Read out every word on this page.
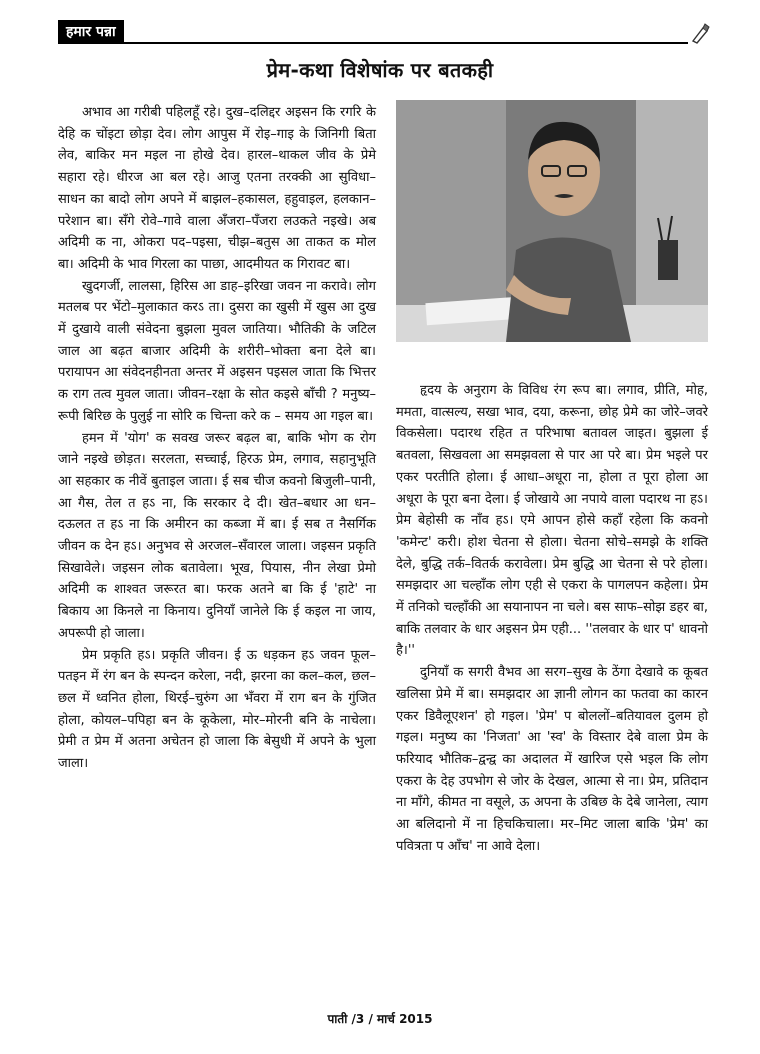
हमार पन्ना
प्रेम-कथा विशेषांक पर बतकही

अभाव आ गरीबी पहिलहूँ रहे। दुख–दलिद्दर अइसन कि रगरि के देहि क चोंइटा छोड़ा देव। लोग आपुस में रोइ–गाइ के जिनिगी बिता लेव, बाकिर मन मइल ना होखे देव। हारल–थाकल जीव के प्रेमे सहारा रहे। धीरज आ बल रहे। आजु एतना तरक्की आ सुविधा–साधन का बादो लोग अपने में बाझल–हकासल, हहुवाइल, हलकान–परेशान बा। सँगे रोवे–गावे वाला अँजरा–पँजरा लउकते नइखे। अब अदिमी क ना, ओकरा पद–पइसा, चीझ–बतुस आ ताकत क मोल बा। अदिमी के भाव गिरला का पाछा, आदमीयत क गिरावट बा।

खुदगर्जी, लालसा, हिरिस आ डाह–इरिखा जवन ना करावे। लोग मतलब पर भेंटो–मुलाकात करऽ ता। दुसरा का खुसी में खुस आ दुख में दुखाये वाली संवेदना बुझला मुवल जातिया। भौतिकी के जटिल जाल आ बढ़त बाजार अदिमी के शरीरी–भोक्ता बना देले बा। परायापन आ संवेदनहीनता अन्तर में अइसन पइसल जाता कि भित्तर क राग तत्व मुवल जाता। जीवन–रक्षा के सोत कइसे बाँची ? मनुष्य–रूपी बिरिछ के पुलुई ना सोरि क चिन्ता करे क – समय आ गइल बा।

हमन में 'योग' क सवख जरूर बढ़ल बा, बाकि भोग क रोग जाने नइखे छोड़त। सरलता, सच्चाई, हिरऊ प्रेम, लगाव, सहानुभूति आ सहकार क नीवें बुताइल जाता। ई सब चीज कवनो बिजुली–पानी, आ गैस, तेल त हऽ ना, कि सरकार दे दी। खेत–बधार आ धन–दऊलत त हऽ ना कि अमीरन का कब्जा में बा। ई सब त नैसर्गिक जीवन क देन हऽ। अनुभव से अरजल–सँवारल जाला। जइसन प्रकृति सिखावेले। जइसन लोक बतावेला। भूख, पियास, नीन लेखा प्रेमो अदिमी क शाश्वत जरूरत बा। फरक अतने बा कि ई 'हाटे' ना बिकाय आ किनले ना किनाय। दुनियाँ जानेले कि ई कइल ना जाय, अपरूपी हो जाला।

प्रेम प्रकृति हऽ। प्रकृति जीवन। ई ऊ धड़कन हऽ जवन फूल–पतइन में रंग बन के स्पन्दन करेला, नदी, झरना का कल–कल, छल–छल में ध्वनित होला, थिरई–चुरुंग आ भँवरा में राग बन के गुंजित होला, कोयल–पपिहा बन के कूकेला, मोर–मोरनी बनि के नाचेला। प्रेमी त प्रेम में अतना अचेतन हो जाला कि बेसुधी में अपने के भुला जाला।

हृदय के अनुराग के विविध रंग रूप बा। लगाव, प्रीति, मोह, ममता, वात्सल्य, सखा भाव, दया, करूना, छोह प्रेमे का जोरे–जवरे विकसेला। पदारथ रहित त परिभाषा बतावल जाइत। बुझला ई बतवला, सिखवला आ समझवला से पार आ परे बा। प्रेम भइले पर एकर परतीति होला। ई आधा–अधूरा ना, होला त पूरा होला आ अधूरा के पूरा बना देला। ई जोखाये आ नपाये वाला पदारथ ना हऽ। प्रेम बेहोसी क नाँव हऽ। एमे आपन होसे कहाँ रहेला कि कवनो 'कमेन्ट' करी। होश चेतना से होला। चेतना सोचे–समझे के शक्ति देले, बुद्धि तर्क–वितर्क करावेला। प्रेम बुद्धि आ चेतना से परे होला। समझदार आ चल्हाँक लोग एही से एकरा के पागलपन कहेला। प्रेम में तनिको चल्हाँकी आ सयानापन ना चले। बस साफ–सोझ डहर बा, बाकि तलवार के धार अइसन प्रेम एही... ''तलवार के धार प' धावनो है।''

दुनियाँ क सगरी वैभव आ सरग–सुख के ठेंगा देखावे क कूबत खलिसा प्रेमे में बा। समझदार आ ज्ञानी लोगन का फतवा का कारन एकर डिवैलूएशन' हो गइल। 'प्रेम' प बोललों–बतियावल दुलम हो गइल। मनुष्य का 'निजता' आ 'स्व' के विस्तार देबे वाला प्रेम के फरियाद भौतिक–द्वन्द्व का अदालत में खारिज एसे भइल कि लोग एकरा के देह उपभोग से जोर के देखल, आत्मा से ना। प्रेम, प्रतिदान ना माँगे, कीमत ना वसूले, ऊ अपना के उबिछ के देबे जानेला, त्याग आ बलिदानो में ना हिचकिचाला। मर–मिट जाला बाकि 'प्रेम' का पवित्रता प आँच' ना आवे देला।

पाती /3 / मार्च 2015
